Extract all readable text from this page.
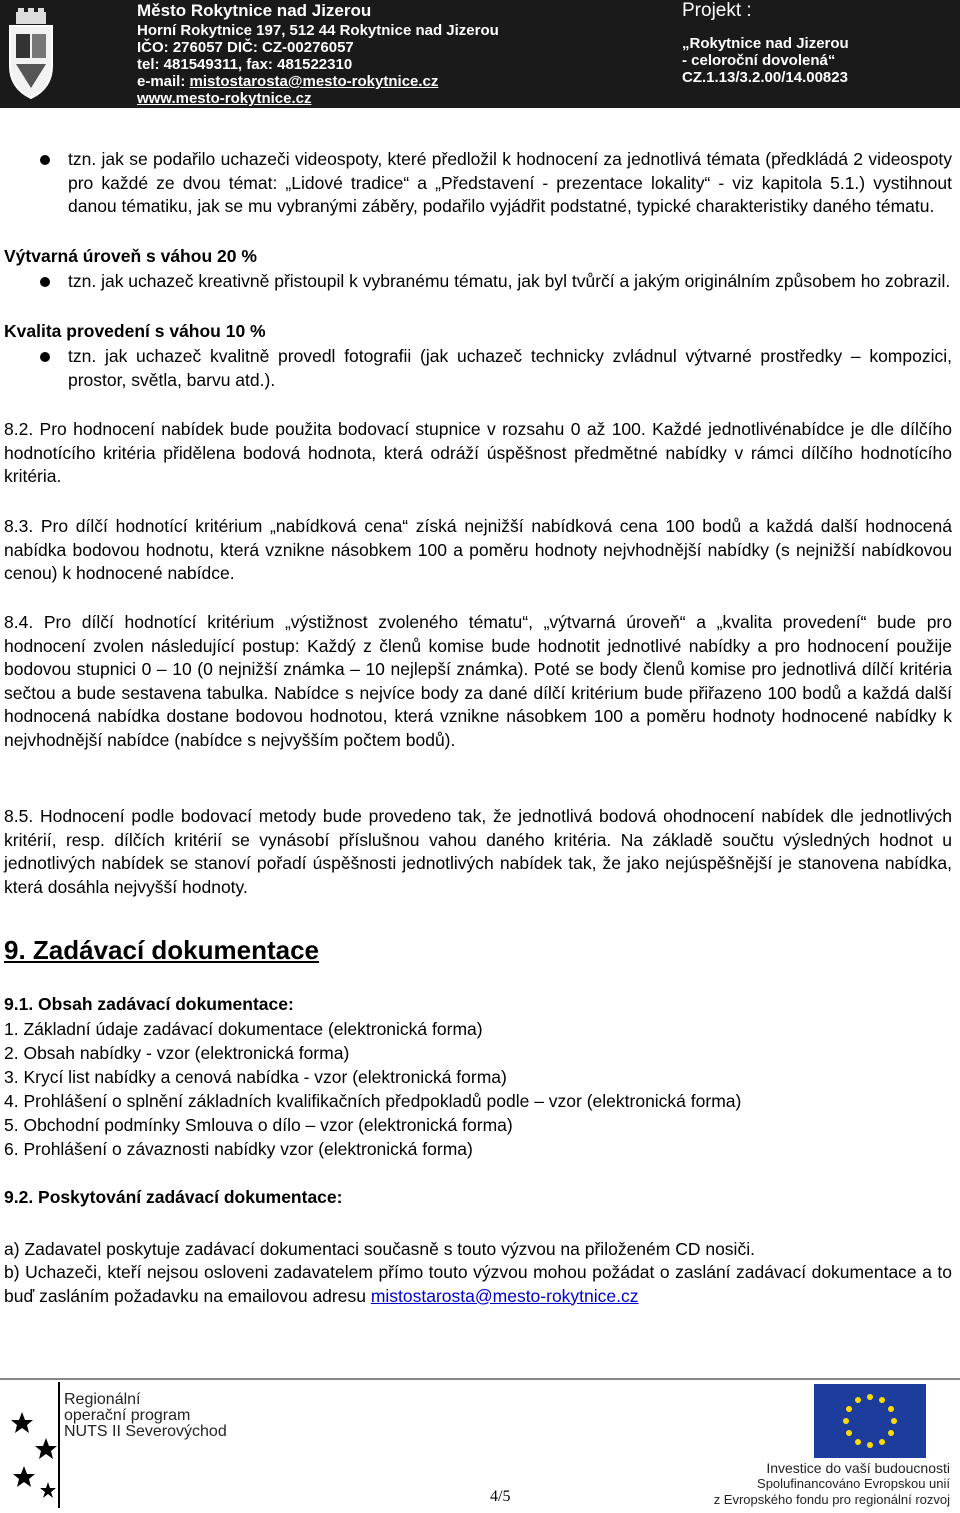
Město Rokytnice nad Jizerou
Horní Rokytnice 197, 512 44 Rokytnice nad Jizerou
IČO: 276057 DIČ: CZ-00276057
tel: 481549311, fax: 481522310
e-mail: mistostarosta@mesto-rokytnice.cz
www.mesto-rokytnice.cz
Projekt :
„Rokytnice nad Jizerou
- celoroční dovolená“
CZ.1.13/3.2.00/14.00823
tzn. jak se podařilo uchazeči videospoty, které předložil k hodnocení za jednotlivá témata (předkládá 2 videospoty pro každé ze dvou témat: „Lidové tradice“ a „Představení - prezentace lokality“ - viz kapitola 5.1.) vystihnout danou tématiku, jak se mu vybranými záběry, podařilo vyjádřit podstatné, typické charakteristiky daného tématu.
Výtvarná úroveň s váhou 20 %
tzn. jak uchazeč kreativně přistoupil k vybranému tématu, jak byl tvůrčí a jakým originálním způsobem ho zobrazil.
Kvalita provedení s váhou 10 %
tzn. jak uchazeč kvalitně provedl fotografii (jak uchazeč technicky zvládnul výtvarné prostředky – kompozici, prostor, světla, barvu atd.).
8.2. Pro hodnocení nabídek bude použita bodovací stupnice v rozsahu 0 až 100. Každé jednotlivénabídce je dle dílčího hodnotícího kritéria přidělena bodová hodnota, která odráží úspěšnost předmětné nabídky v rámci dílčího hodnotícího kritéria.
8.3. Pro dílčí hodnotící kritérium „nabídková cena“ získá nejnižší nabídková cena 100 bodů a každá další hodnocená nabídka bodovou hodnotu, která vznikne násobkem 100 a poměru hodnoty nejvhodnější nabídky (s nejnižší nabídkovou cenou) k hodnocené nabídce.
8.4. Pro dílčí hodnotící kritérium „výstižnost zvoleného tématu“, „výtvarná úroveň“ a „kvalita provedení“ bude pro hodnocení zvolen následující postup: Každý z členů komise bude hodnotit jednotlivé nabídky a pro hodnocení použije bodovou stupnici 0 – 10 (0 nejnižší známka – 10 nejlepší známka). Poté se body členů komise pro jednotlivá dílčí kritéria sečtou a bude sestavena tabulka. Nabídce s nejvíce body za dané dílčí kritérium bude přiřazeno 100 bodů a každá další hodnocená nabídka dostane bodovou hodnotou, která vznikne násobkem 100 a poměru hodnoty hodnocené nabídky k nejvhodnější nabídce (nabídce s nejvyšším počtem bodů).
8.5. Hodnocení podle bodovací metody bude provedeno tak, že jednotlivá bodová ohodnocení nabídek dle jednotlivých kritérií, resp. dílčích kritérií se vynásobí příslušnou vahou daného kritéria. Na základě součtu výsledných hodnot u jednotlivých nabídek se stanoví pořadí úspěšnosti jednotlivých nabídek tak, že jako nejúspěšnější je stanovena nabídka, která dosáhla nejvyšší hodnoty.
9. Zadávací dokumentace
9.1. Obsah zadávací dokumentace:
1. Základní údaje zadávací dokumentace (elektronická forma)
2. Obsah nabídky - vzor (elektronická forma)
3. Krycí list nabídky a cenová nabídka - vzor (elektronická forma)
4. Prohlášení o splnění základních kvalifikačních předpokladů podle – vzor (elektronická forma)
5. Obchodní podmínky Smlouva o dílo – vzor (elektronická forma)
6. Prohlášení o závaznosti nabídky vzor (elektronická forma)
9.2. Poskytování zadávací dokumentace:
a) Zadavatel poskytuje zadávací dokumentaci současně s touto výzvou na přiloženém CD nosiči.
b) Uchazeči, kteří nejsou osloveni zadavatelem přímo touto výzvou mohou požádat o zaslání zadávací dokumentace a to buď zasláním požadavku na emailovou adresu mistostarosta@mesto-rokytnice.cz
Regionální
operační program
NUTS II Severovýchod
4/5
Investice do vaší budoucnosti
Spolufinancováno Evropskou unií
z Evropského fondu pro regionální rozvoj
